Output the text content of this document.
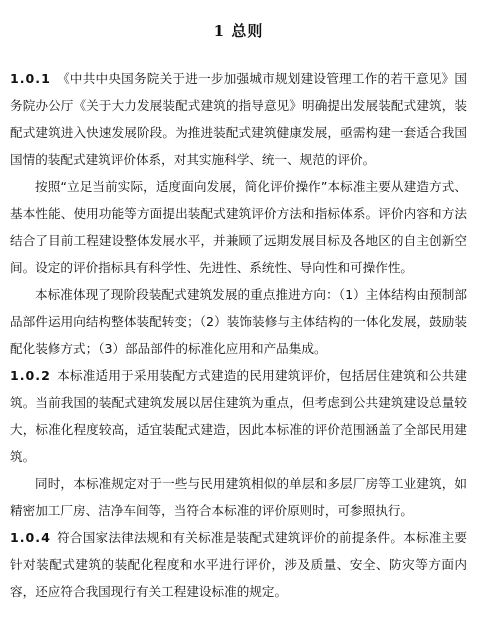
1 总则

1.0.1 《中共中央国务院关于进一步加强城市规划建设管理工作的若干意见》国务院办公厅《关于大力发展装配式建筑的指导意见》明确提出发展装配式建筑，装配式建筑进入快速发展阶段。为推进装配式建筑健康发展，亟需构建一套适合我国国情的装配式建筑评价体系，对其实施科学、统一、规范的评价。

按照“立足当前实际，适度面向发展，简化评价操作”本标准主要从建造方式、基本性能、使用功能等方面提出装配式建筑评价方法和指标体系。评价内容和方法结合了目前工程建设整体发展水平，并兼顾了远期发展目标及各地区的自主创新空间。设定的评价指标具有科学性、先进性、系统性、导向性和可操作性。

本标准体现了现阶段装配式建筑发展的重点推进方向：（1）主体结构由预制部品部件运用向结构整体装配转变；（2）装饰装修与主体结构的一体化发展，鼓励装配化装修方式；（3）部品部件的标准化应用和产品集成。

1.0.2 本标准适用于采用装配方式建造的民用建筑评价，包括居住建筑和公共建筑。当前我国的装配式建筑发展以居住建筑为重点，但考虑到公共建筑建设总量较大，标准化程度较高，适宜装配式建造，因此本标准的评价范围涵盖了全部民用建筑。

同时，本标准规定对于一些与民用建筑相似的单层和多层厂房等工业建筑，如精密加工厂房、洁净车间等，当符合本标准的评价原则时，可参照执行。

1.0.4 符合国家法律法规和有关标准是装配式建筑评价的前提条件。本标准主要针对装配式建筑的装配化程度和水平进行评价，涉及质量、安全、防灾等方面内容，还应符合我国现行有关工程建设标准的规定。
